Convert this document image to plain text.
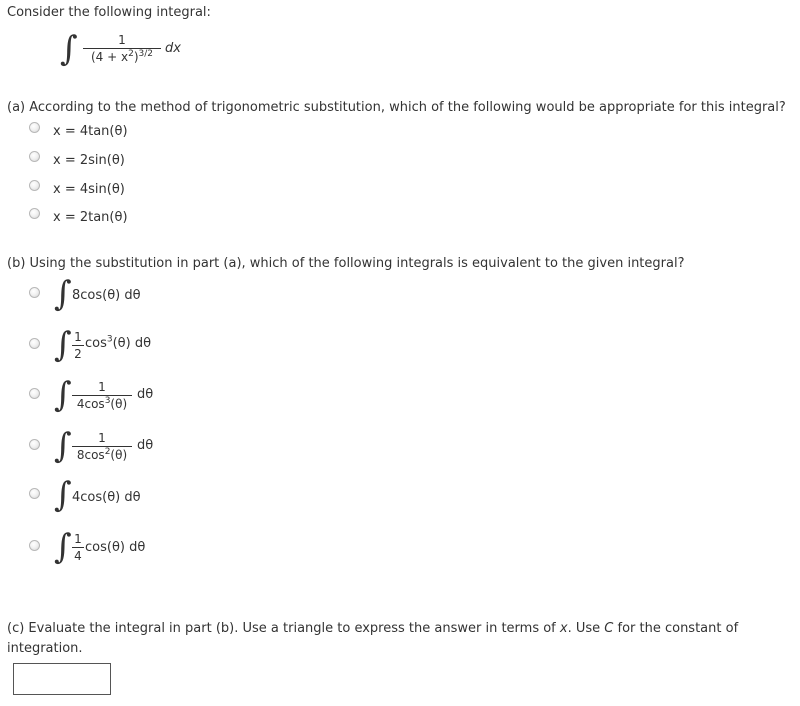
Consider the following integral:
∫	1
$(4 + x^2)^{3/2}$ dx
(a) According to the method of trigonometric substitution, which of the following would be appropriate for this integral?
x = 4tan(θ)
x = 2sin(θ)
x = 4sin(θ)
x = 2tan(θ)
(b) Using the substitution in part (a), which of the following integrals is equivalent to the given integral?
∫ 8cos(θ) dθ
∫ 1
2
$\cos^3(\theta)$ dθ
∫	1
$4\cos^3(\theta)$
dθ
∫	1
$8\cos^2(\theta)$
dθ
∫ 4cos(θ) dθ
∫ 1
4
cos(θ) dθ
(c) Evaluate the integral in part (b). Use a triangle to express the answer in terms of x. Use C for the constant of
integration.
